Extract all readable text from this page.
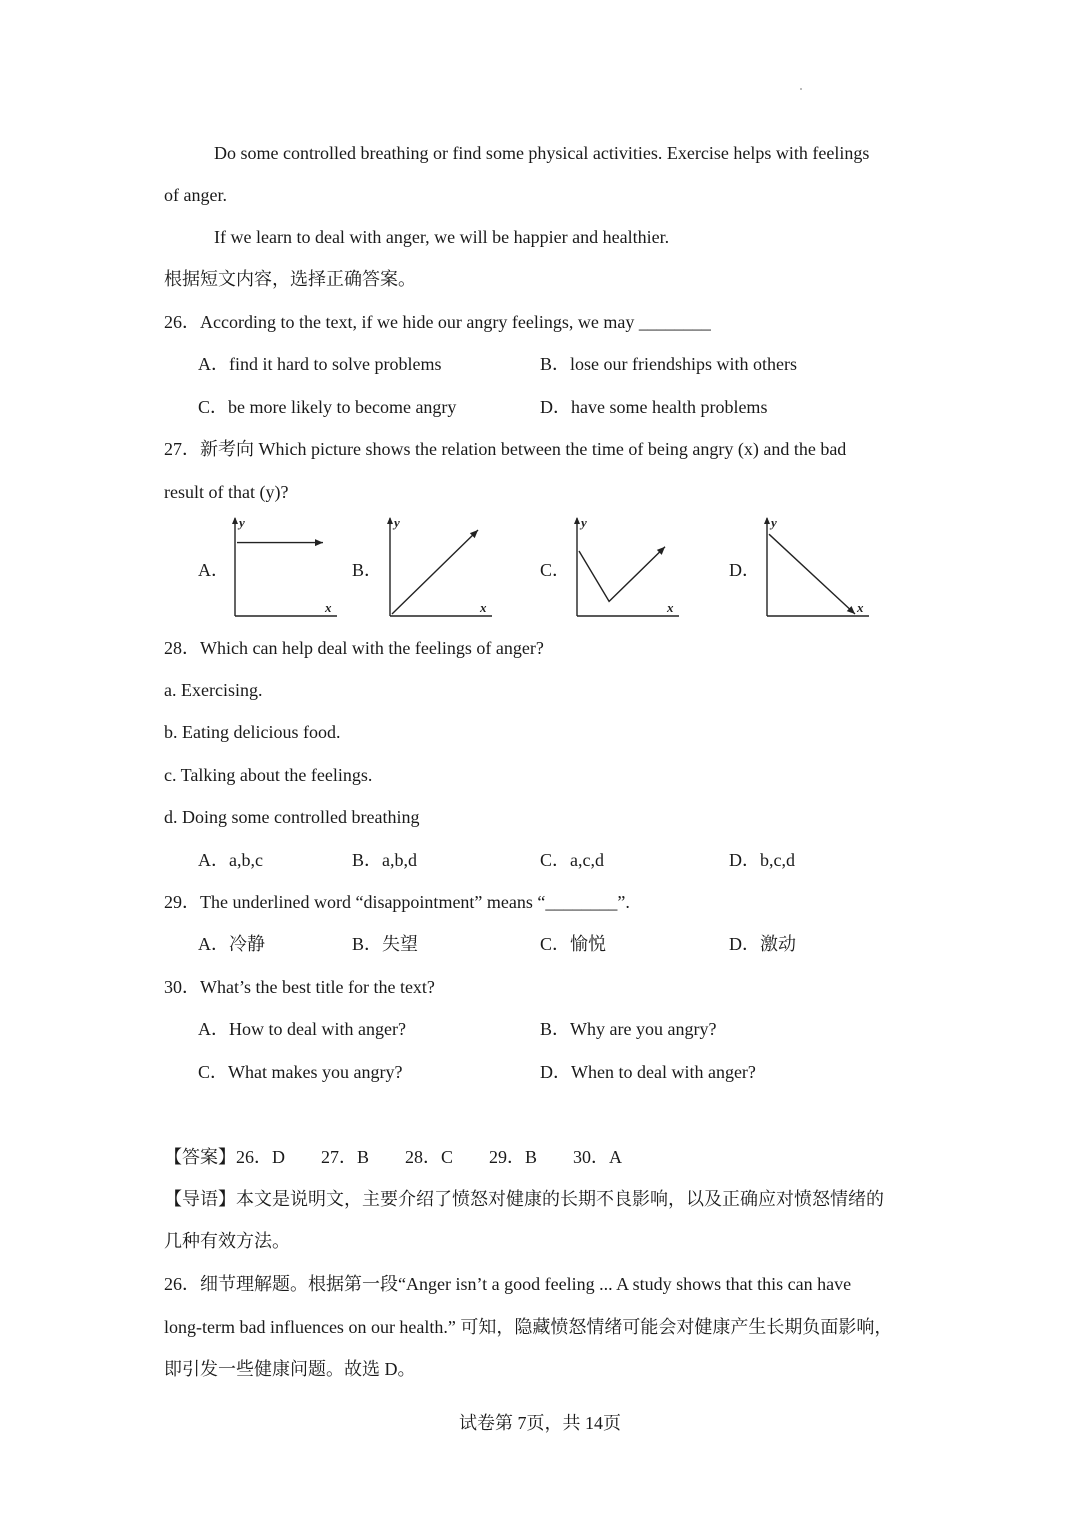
Do some controlled breathing or find some physical activities. Exercise helps with feelings
of anger.
If we learn to deal with anger, we will be happier and healthier.
根据短文内容，选择正确答案。
26．According to the text, if we hide our angry feelings, we may ________
A．find it hard to solve problems	B．lose our friendships with others
C．be more likely to become angry	D．have some health problems
27．新考向 Which picture shows the relation between the time of being angry (x) and the bad
result of that (y)?
A．	B．	C．	D．
y
x
y
x
y
x
y
x
28．Which can help deal with the feelings of anger?
a. Exercising.
b. Eating delicious food.
c. Talking about the feelings.
d. Doing some controlled breathing
A．a,b,c	B．a,b,d	C．a,c,d	D．b,c,d
29．The underlined word “disappointment” means “________”.
A．冷静	B．失望	C．愉悦	D．激动
30．What’s the best title for the text?
A．How to deal with anger?	B．Why are you angry?
C．What makes you angry?	D．When to deal with anger?
【答案】26．D　　27．B　　28．C　　29．B　　30．A
【导语】本文是说明文，主要介绍了愤怒对健康的长期不良影响，以及正确应对愤怒情绪的
几种有效方法。
26．细节理解题。根据第一段“Anger isn’t a good feeling ... A study shows that this can have
long-term bad influences on our health.” 可知，隐藏愤怒情绪可能会对健康产生长期负面影响，
即引发一些健康问题。故选 D。
试卷第 7页，共 14页
